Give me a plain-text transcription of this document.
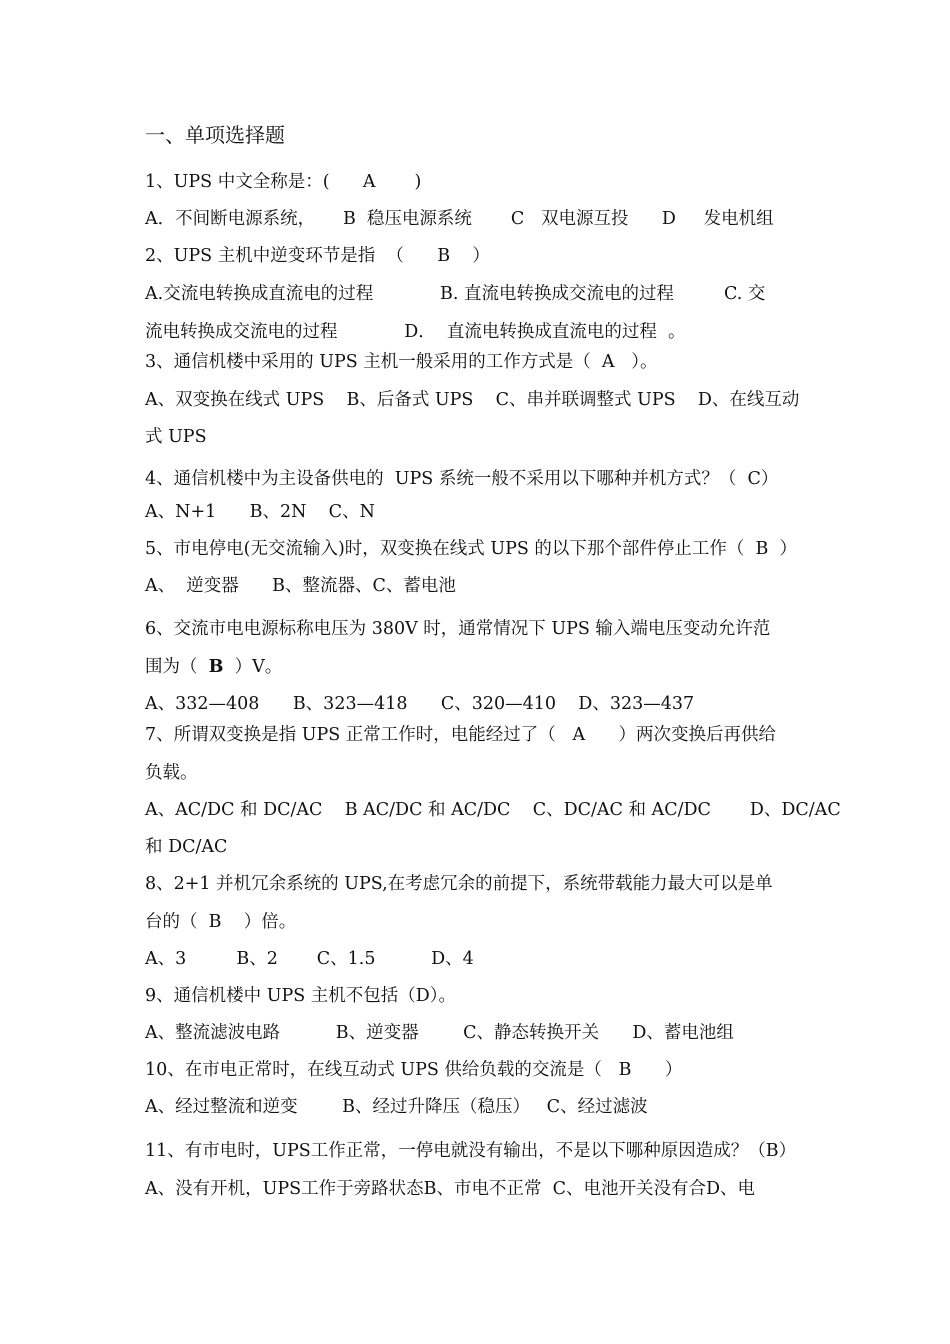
一、单项选择题
1、UPS 中文全称是：(      A       )
A．不间断电源系统，     B  稳压电源系统       C   双电源互投      D     发电机组
2、UPS 主机中逆变环节是指  （      B    ）
A.交流电转换成直流电的过程            B. 直流电转换成交流电的过程         C. 交
流电转换成交流电的过程            D．  直流电转换成直流电的过程  。
3、通信机楼中采用的 UPS 主机一般采用的工作方式是（  A   ）。
A、双变换在线式 UPS    B、后备式 UPS    C、串并联调整式 UPS    D、在线互动
式 UPS
4、通信机楼中为主设备供电的  UPS 系统一般不采用以下哪种并机方式？（  C）
A、N+1      B、2N    C、N
5、市电停电(无交流输入)时，双变换在线式 UPS 的以下那个部件停止工作（  B  ）
A、  逆变器      B、整流器、C、蓄电池
6、交流市电电源标称电压为 380V 时，通常情况下 UPS 输入端电压变动允许范
围为（  B  ）V。
A、332—408      B、323—418      C、320—410    D、323—437
7、所谓双变换是指 UPS 正常工作时，电能经过了（   A      ）两次变换后再供给
负载。
A、AC/DC 和 DC/AC    B AC/DC 和 AC/DC    C、DC/AC 和 AC/DC       D、DC/AC
和 DC/AC
8、2+1 并机冗余系统的 UPS,在考虑冗余的前提下，系统带载能力最大可以是单
台的（  B    ）倍。
A、3         B、2       C、1.5          D、4
9、通信机楼中 UPS 主机不包括（D）。
A、整流滤波电路          B、逆变器        C、静态转换开关      D、蓄电池组
10、在市电正常时，在线互动式 UPS 供给负载的交流是（   B      ）
A、经过整流和逆变        B、经过升降压（稳压）   C、经过滤波
11、有市电时，UPS工作正常，一停电就没有输出，不是以下哪种原因造成？（B）
A、没有开机，UPS工作于旁路状态B、市电不正常  C、电池开关没有合D、电
